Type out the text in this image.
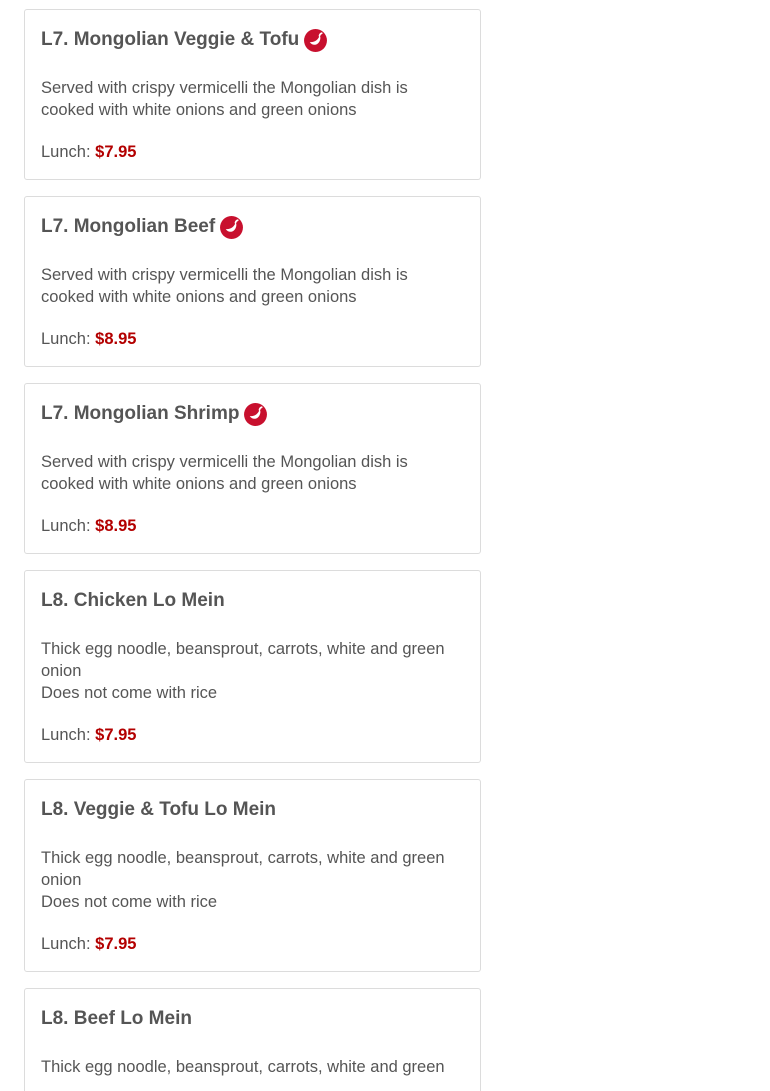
L7. Mongolian Veggie & Tofu
Served with crispy vermicelli the Mongolian dish is cooked with white onions and green onions
Lunch: $7.95
L7. Mongolian Beef
Served with crispy vermicelli the Mongolian dish is cooked with white onions and green onions
Lunch: $8.95
L7. Mongolian Shrimp
Served with crispy vermicelli the Mongolian dish is cooked with white onions and green onions
Lunch: $8.95
L8. Chicken Lo Mein
Thick egg noodle, beansprout, carrots, white and green onion
Does not come with rice
Lunch: $7.95
L8. Veggie & Tofu Lo Mein
Thick egg noodle, beansprout, carrots, white and green onion
Does not come with rice
Lunch: $7.95
L8. Beef Lo Mein
Thick egg noodle, beansprout, carrots, white and green
